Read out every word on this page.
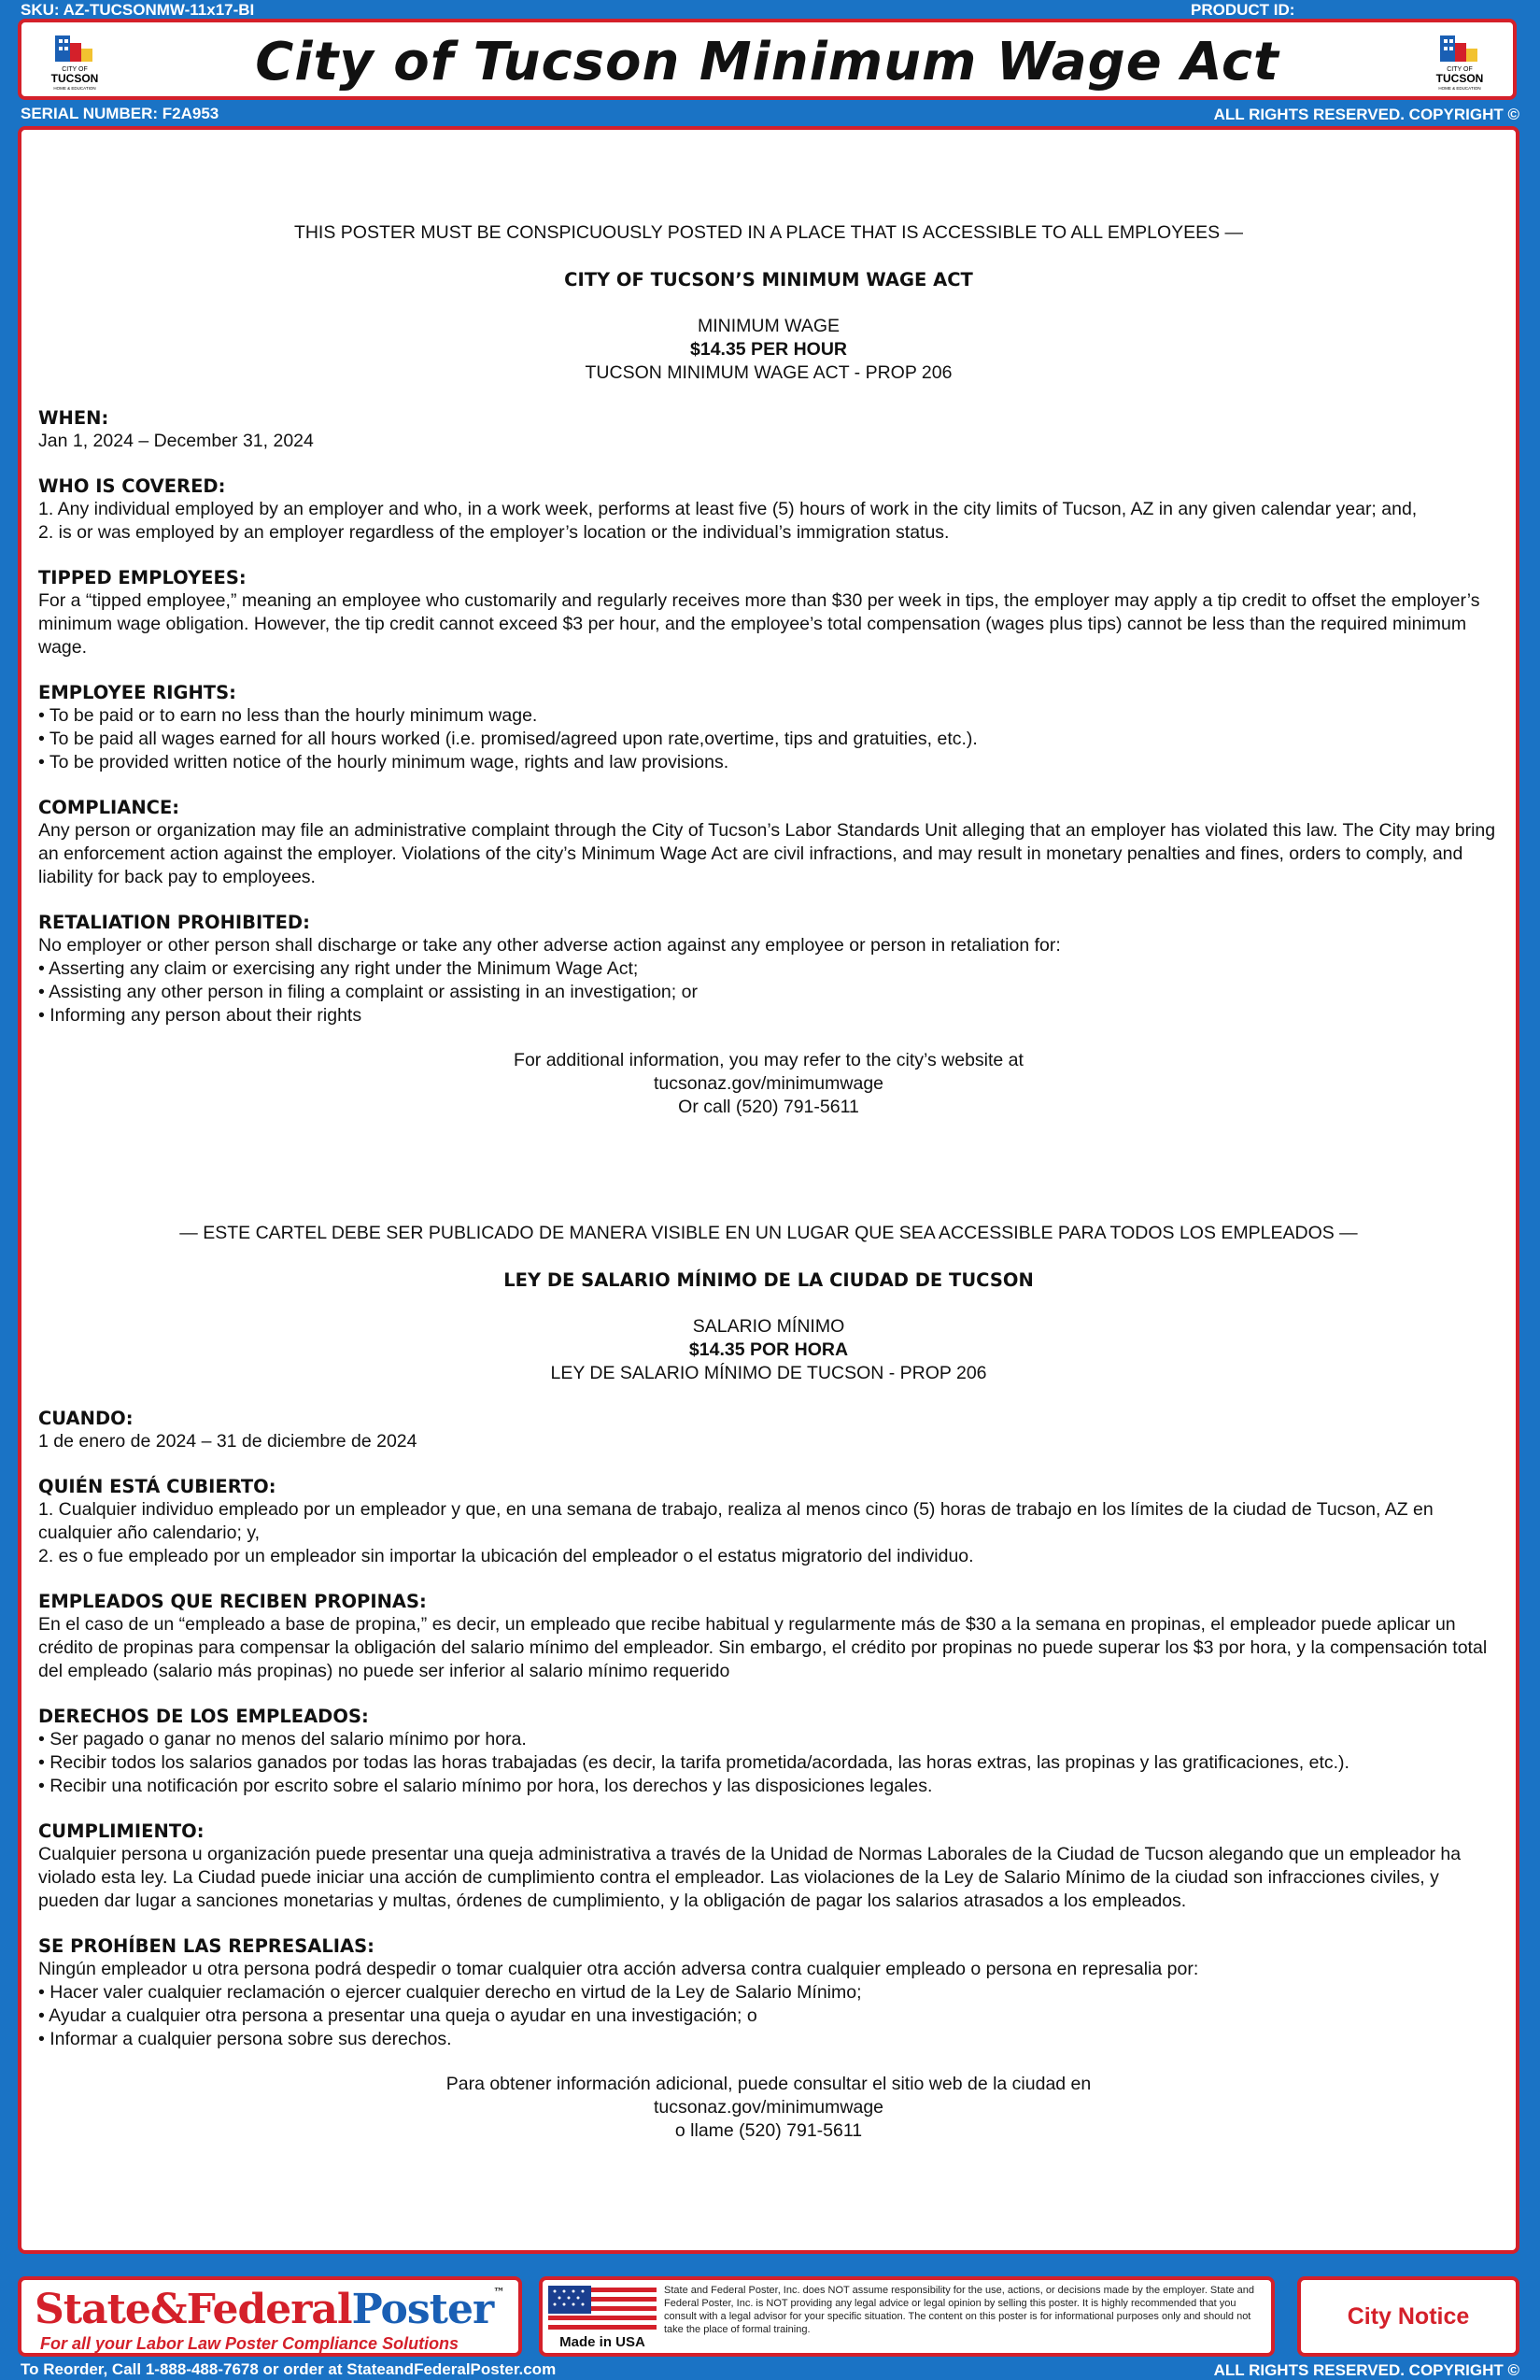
SKU: AZ-TUCSONMW-11x17-BI	PRODUCT ID:
CITY OF
TUCSON
HOME & EDUCATION	City of Tucson Minimum Wage Act	CITY OF
TUCSON
HOME & EDUCATION
SERIAL NUMBER: F2A953	ALL RIGHTS RESERVED. COPYRIGHT ©

THIS POSTER MUST BE CONSPICUOUSLY POSTED IN A PLACE THAT IS ACCESSIBLE TO ALL EMPLOYEES —

CITY OF TUCSON’S MINIMUM WAGE ACT

MINIMUM WAGE

$14.35 PER HOUR

TUCSON MINIMUM WAGE ACT - PROP 206

WHEN:

Jan 1, 2024 – December 31, 2024

WHO IS COVERED:

1. Any individual employed by an employer and who, in a work week, performs at least five (5) hours of work in the city limits of Tucson, AZ in any given calendar year; and,

2. is or was employed by an employer regardless of the employer’s location or the individual’s immigration status.

TIPPED EMPLOYEES:

For a “tipped employee,” meaning an employee who customarily and regularly receives more than $30 per week in tips, the employer may apply a tip credit to offset the employer’s minimum wage obligation. However, the tip credit cannot exceed $3 per hour, and the employee’s total compensation (wages plus tips) cannot be less than the required minimum wage.

EMPLOYEE RIGHTS:

• To be paid or to earn no less than the hourly minimum wage.

• To be paid all wages earned for all hours worked (i.e. promised/agreed upon rate,overtime, tips and gratuities, etc.).

• To be provided written notice of the hourly minimum wage, rights and law provisions.

COMPLIANCE:

Any person or organization may file an administrative complaint through the City of Tucson’s Labor Standards Unit alleging that an employer has violated this law. The City may bring an enforcement action against the employer. Violations of the city’s Minimum Wage Act are civil infractions, and may result in monetary penalties and fines, orders to comply, and liability for back pay to employees.

RETALIATION PROHIBITED:

No employer or other person shall discharge or take any other adverse action against any employee or person in retaliation for:

• Asserting any claim or exercising any right under the Minimum Wage Act;

• Assisting any other person in filing a complaint or assisting in an investigation; or

• Informing any person about their rights

For additional information, you may refer to the city’s website at

tucsonaz.gov/minimumwage

Or call (520) 791-5611

— ESTE CARTEL DEBE SER PUBLICADO DE MANERA VISIBLE EN UN LUGAR QUE SEA ACCESSIBLE PARA TODOS LOS EMPLEADOS —

LEY DE SALARIO MÍNIMO DE LA CIUDAD DE TUCSON

SALARIO MÍNIMO

$14.35 POR HORA

LEY DE SALARIO MÍNIMO DE TUCSON - PROP 206

CUANDO:

1 de enero de 2024 – 31 de diciembre de 2024

QUIÉN ESTÁ CUBIERTO:

1. Cualquier individuo empleado por un empleador y que, en una semana de trabajo, realiza al menos cinco (5) horas de trabajo en los límites de la ciudad de Tucson, AZ en cualquier año calendario; y,

2. es o fue empleado por un empleador sin importar la ubicación del empleador o el estatus migratorio del individuo.

EMPLEADOS QUE RECIBEN PROPINAS:

En el caso de un “empleado a base de propina,” es decir, un empleado que recibe habitual y regularmente más de $30 a la semana en propinas, el empleador puede aplicar un crédito de propinas para compensar la obligación del salario mínimo del empleador. Sin embargo, el crédito por propinas no puede superar los $3 por hora, y la compensación total del empleado (salario más propinas) no puede ser inferior al salario mínimo requerido

DERECHOS DE LOS EMPLEADOS:

• Ser pagado o ganar no menos del salario mínimo por hora.

• Recibir todos los salarios ganados por todas las horas trabajadas (es decir, la tarifa prometida/acordada, las horas extras, las propinas y las gratificaciones, etc.).

• Recibir una notificación por escrito sobre el salario mínimo por hora, los derechos y las disposiciones legales.

CUMPLIMIENTO:

Cualquier persona u organización puede presentar una queja administrativa a través de la Unidad de Normas Laborales de la Ciudad de Tucson alegando que un empleador ha violado esta ley. La Ciudad puede iniciar una acción de cumplimiento contra el empleador. Las violaciones de la Ley de Salario Mínimo de la ciudad son infracciones civiles, y pueden dar lugar a sanciones monetarias y multas, órdenes de cumplimiento, y la obligación de pagar los salarios atrasados a los empleados.

SE PROHÍBEN LAS REPRESALIAS:

Ningún empleador u otra persona podrá despedir o tomar cualquier otra acción adversa contra cualquier empleado o persona en represalia por:

• Hacer valer cualquier reclamación o ejercer cualquier derecho en virtud de la Ley de Salario Mínimo;

• Ayudar a cualquier otra persona a presentar una queja o ayudar en una investigación; o

• Informar a cualquier persona sobre sus derechos.

Para obtener información adicional, puede consultar el sitio web de la ciudad en

tucsonaz.gov/minimumwage

o llame (520) 791-5611

State&FederalPoster™
For all your Labor Law Poster Compliance Solutions	Made in USA
State and Federal Poster, Inc. does NOT assume responsibility for the use, actions, or decisions made by the employer. State and Federal Poster, Inc. is NOT providing any legal advice or legal opinion by selling this poster. It is highly recommended that you consult with a legal advisor for your specific situation. The content on this poster is for informational purposes only and should not take the place of formal training.	City Notice
To Reorder, Call 1-888-488-7678 or order at StateandFederalPoster.com	ALL RIGHTS RESERVED. COPYRIGHT ©
